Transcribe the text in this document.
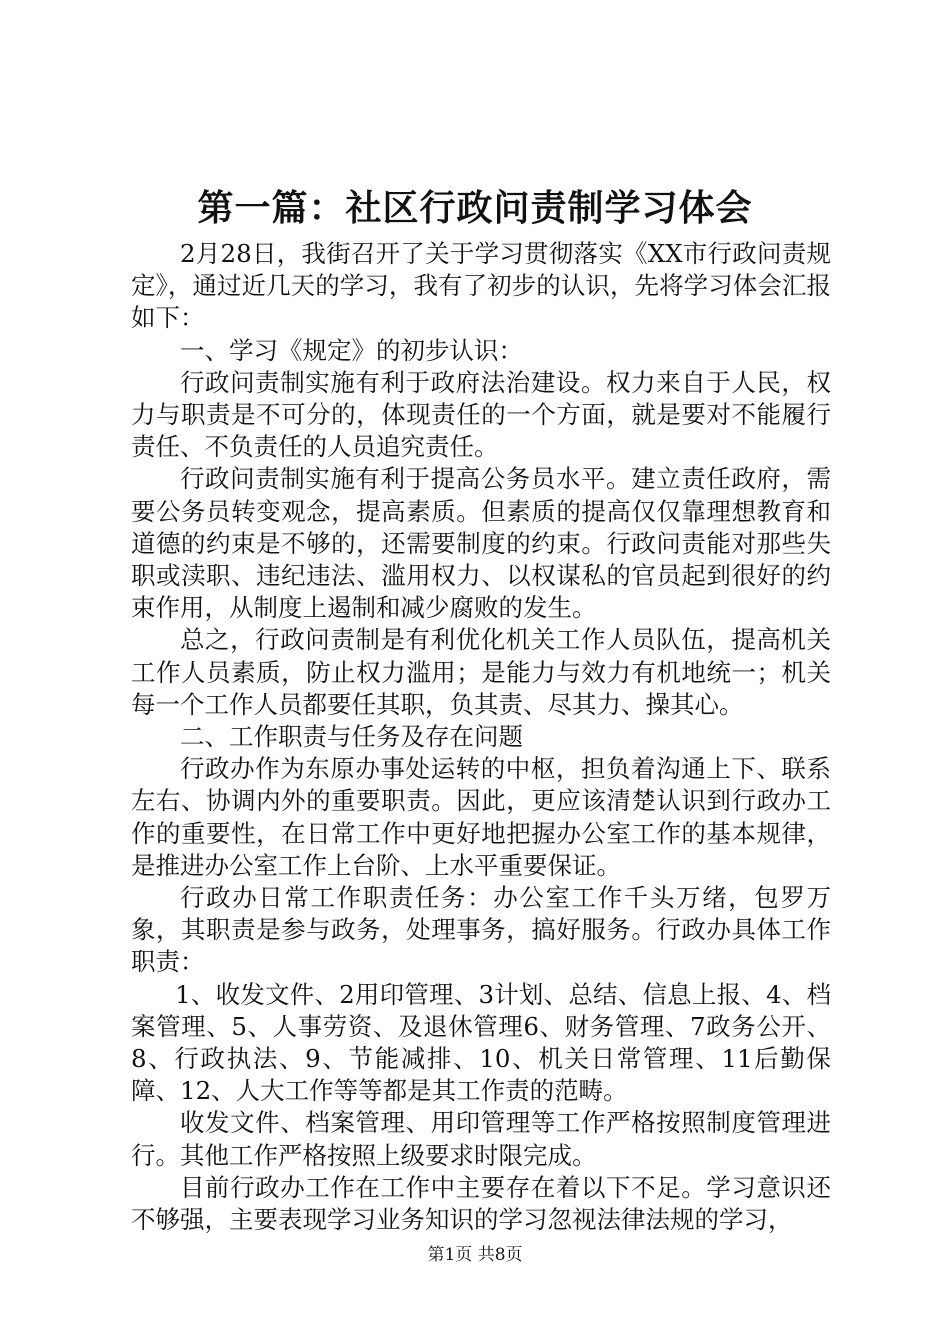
第一篇：社区行政问责制学习体会

2月28日，我街召开了关于学习贯彻落实《XX市行政问责规定》，通过近几天的学习，我有了初步的认识，先将学习体会汇报如下：

一、学习《规定》的初步认识：

行政问责制实施有利于政府法治建设。权力来自于人民，权力与职责是不可分的，体现责任的一个方面，就是要对不能履行责任、不负责任的人员追究责任。

行政问责制实施有利于提高公务员水平。建立责任政府，需要公务员转变观念，提高素质。但素质的提高仅仅靠理想教育和道德的约束是不够的，还需要制度的约束。行政问责能对那些失职或渎职、违纪违法、滥用权力、以权谋私的官员起到很好的约束作用，从制度上遏制和减少腐败的发生。

总之，行政问责制是有利优化机关工作人员队伍，提高机关工作人员素质，防止权力滥用；是能力与效力有机地统一；机关每一个工作人员都要任其职，负其责、尽其力、操其心。

二、工作职责与任务及存在问题

行政办作为东原办事处运转的中枢，担负着沟通上下、联系左右、协调内外的重要职责。因此，更应该清楚认识到行政办工作的重要性，在日常工作中更好地把握办公室工作的基本规律，是推进办公室工作上台阶、上水平重要保证。

行政办日常工作职责任务：办公室工作千头万绪，包罗万象，其职责是参与政务，处理事务，搞好服务。行政办具体工作职责：

1、收发文件、2用印管理、3计划、总结、信息上报、4、档案管理、5、人事劳资、及退休管理6、财务管理、7政务公开、8、行政执法、9、节能减排、10、机关日常管理、11后勤保障、12、人大工作等等都是其工作责的范畴。

收发文件、档案管理、用印管理等工作严格按照制度管理进行。其他工作严格按照上级要求时限完成。

目前行政办工作在工作中主要存在着以下不足。学习意识还不够强，主要表现学习业务知识的学习忽视法律法规的学习，

第1页 共8页
